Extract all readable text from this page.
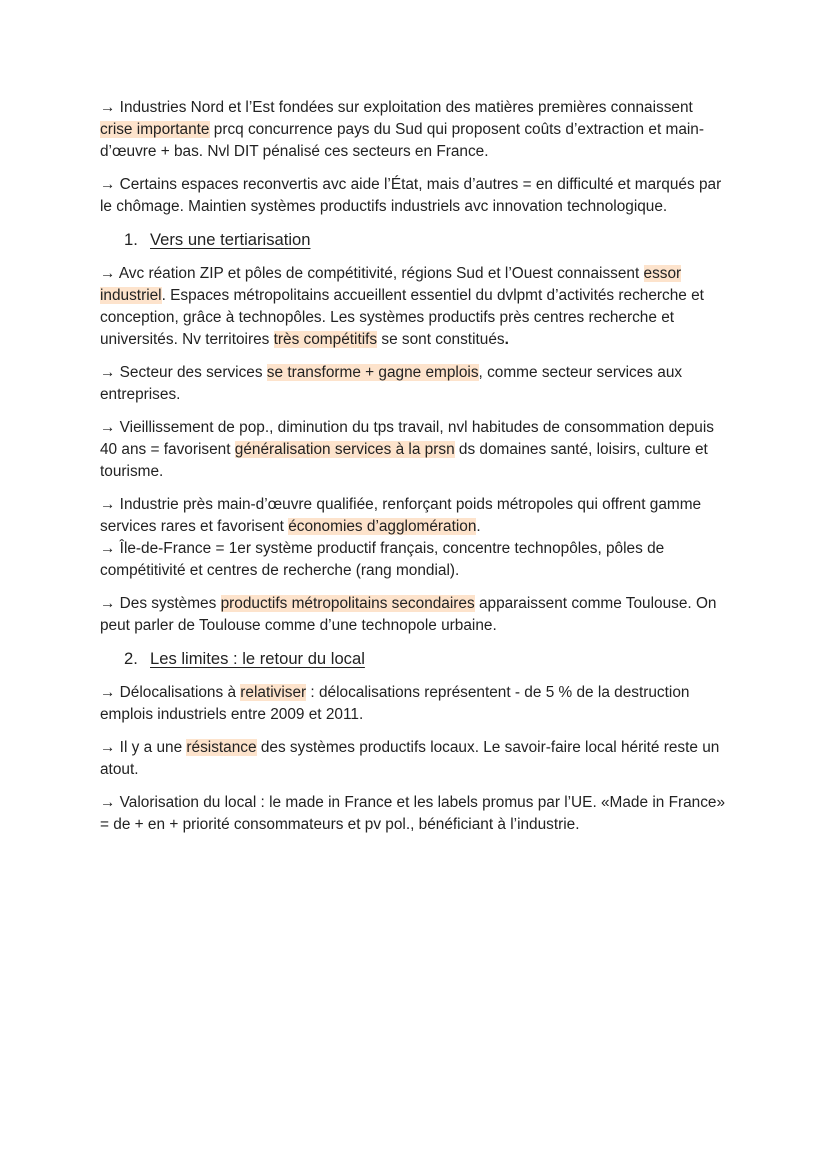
→ Industries Nord et l’Est fondées sur exploitation des matières premières connaissent crise importante prcq concurrence pays du Sud qui proposent coûts d’extraction et main-d’œuvre + bas. Nvl DIT pénalisé ces secteurs en France.

→ Certains espaces reconvertis avc aide l’État, mais d’autres = en difficulté et marqués par le chômage. Maintien systèmes productifs industriels avc innovation technologique.

1. Vers une tertiarisation

→ Avc réation ZIP et pôles de compétitivité, régions Sud et l’Ouest connaissent essor industriel. Espaces métropolitains accueillent essentiel du dvlpmt d’activités recherche et conception, grâce à technopôles. Les systèmes productifs près centres recherche et universités. Nv territoires très compétitifs se sont constitués.

→ Secteur des services se transforme + gagne emplois, comme secteur services aux entreprises.

→ Vieillissement de pop., diminution du tps travail, nvl habitudes de consommation depuis 40 ans = favorisent généralisation services à la prsn ds domaines santé, loisirs, culture et tourisme.

→ Industrie près main-d’œuvre qualifiée, renforçant poids métropoles qui offrent gamme services rares et favorisent économies d’agglomération.

→ Île-de-France = 1er système productif français, concentre technopôles, pôles de compétitivité et centres de recherche (rang mondial).

→ Des systèmes productifs métropolitains secondaires apparaissent comme Toulouse. On peut parler de Toulouse comme d’une technopole urbaine.

2. Les limites : le retour du local

→ Délocalisations à relativiser : délocalisations représentent - de 5 % de la destruction emplois industriels entre 2009 et 2011.

→ Il y a une résistance des systèmes productifs locaux. Le savoir-faire local hérité reste un atout.

→ Valorisation du local : le made in France et les labels promus par l’UE. «Made in France» = de + en + priorité consommateurs et pv pol., bénéficiant à l’industrie.
